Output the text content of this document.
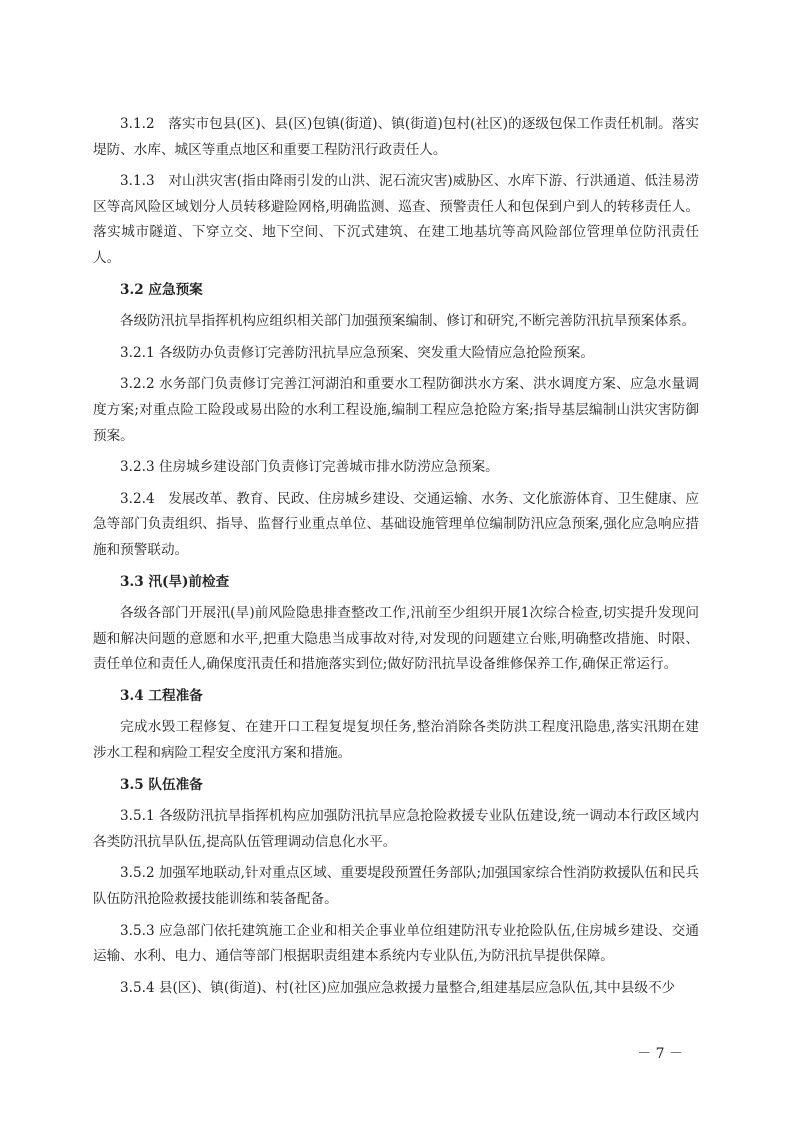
3.1.2　落实市包县(区)、县(区)包镇(街道)、镇(街道)包村(社区)的逐级包保工作责任机制。落实堤防、水库、城区等重点地区和重要工程防汛行政责任人。

3.1.3　对山洪灾害(指由降雨引发的山洪、泥石流灾害)威胁区、水库下游、行洪通道、低洼易涝区等高风险区域划分人员转移避险网格,明确监测、巡查、预警责任人和包保到户到人的转移责任人。落实城市隧道、下穿立交、地下空间、下沉式建筑、在建工地基坑等高风险部位管理单位防汛责任人。

3.2 应急预案

各级防汛抗旱指挥机构应组织相关部门加强预案编制、修订和研究,不断完善防汛抗旱预案体系。

3.2.1 各级防办负责修订完善防汛抗旱应急预案、突发重大险情应急抢险预案。

3.2.2 水务部门负责修订完善江河湖泊和重要水工程防御洪水方案、洪水调度方案、应急水量调度方案;对重点险工险段或易出险的水利工程设施,编制工程应急抢险方案;指导基层编制山洪灾害防御预案。

3.2.3 住房城乡建设部门负责修订完善城市排水防涝应急预案。

3.2.4　发展改革、教育、民政、住房城乡建设、交通运输、水务、文化旅游体育、卫生健康、应急等部门负责组织、指导、监督行业重点单位、基础设施管理单位编制防汛应急预案,强化应急响应措施和预警联动。

3.3 汛(旱)前检查

各级各部门开展汛(旱)前风险隐患排查整改工作,汛前至少组织开展1次综合检查,切实提升发现问题和解决问题的意愿和水平,把重大隐患当成事故对待,对发现的问题建立台账,明确整改措施、时限、责任单位和责任人,确保度汛责任和措施落实到位;做好防汛抗旱设备维修保养工作,确保正常运行。

3.4 工程准备

完成水毁工程修复、在建开口工程复堤复坝任务,整治消除各类防洪工程度汛隐患,落实汛期在建涉水工程和病险工程安全度汛方案和措施。

3.5 队伍准备

3.5.1 各级防汛抗旱指挥机构应加强防汛抗旱应急抢险救援专业队伍建设,统一调动本行政区域内各类防汛抗旱队伍,提高队伍管理调动信息化水平。

3.5.2 加强军地联动,针对重点区域、重要堤段预置任务部队;加强国家综合性消防救援队伍和民兵队伍防汛抢险救援技能训练和装备配备。

3.5.3 应急部门依托建筑施工企业和相关企事业单位组建防汛专业抢险队伍,住房城乡建设、交通运输、水利、电力、通信等部门根据职责组建本系统内专业队伍,为防汛抗旱提供保障。

3.5.4 县(区)、镇(街道)、村(社区)应加强应急救援力量整合,组建基层应急队伍,其中县级不少

－ 7 －
